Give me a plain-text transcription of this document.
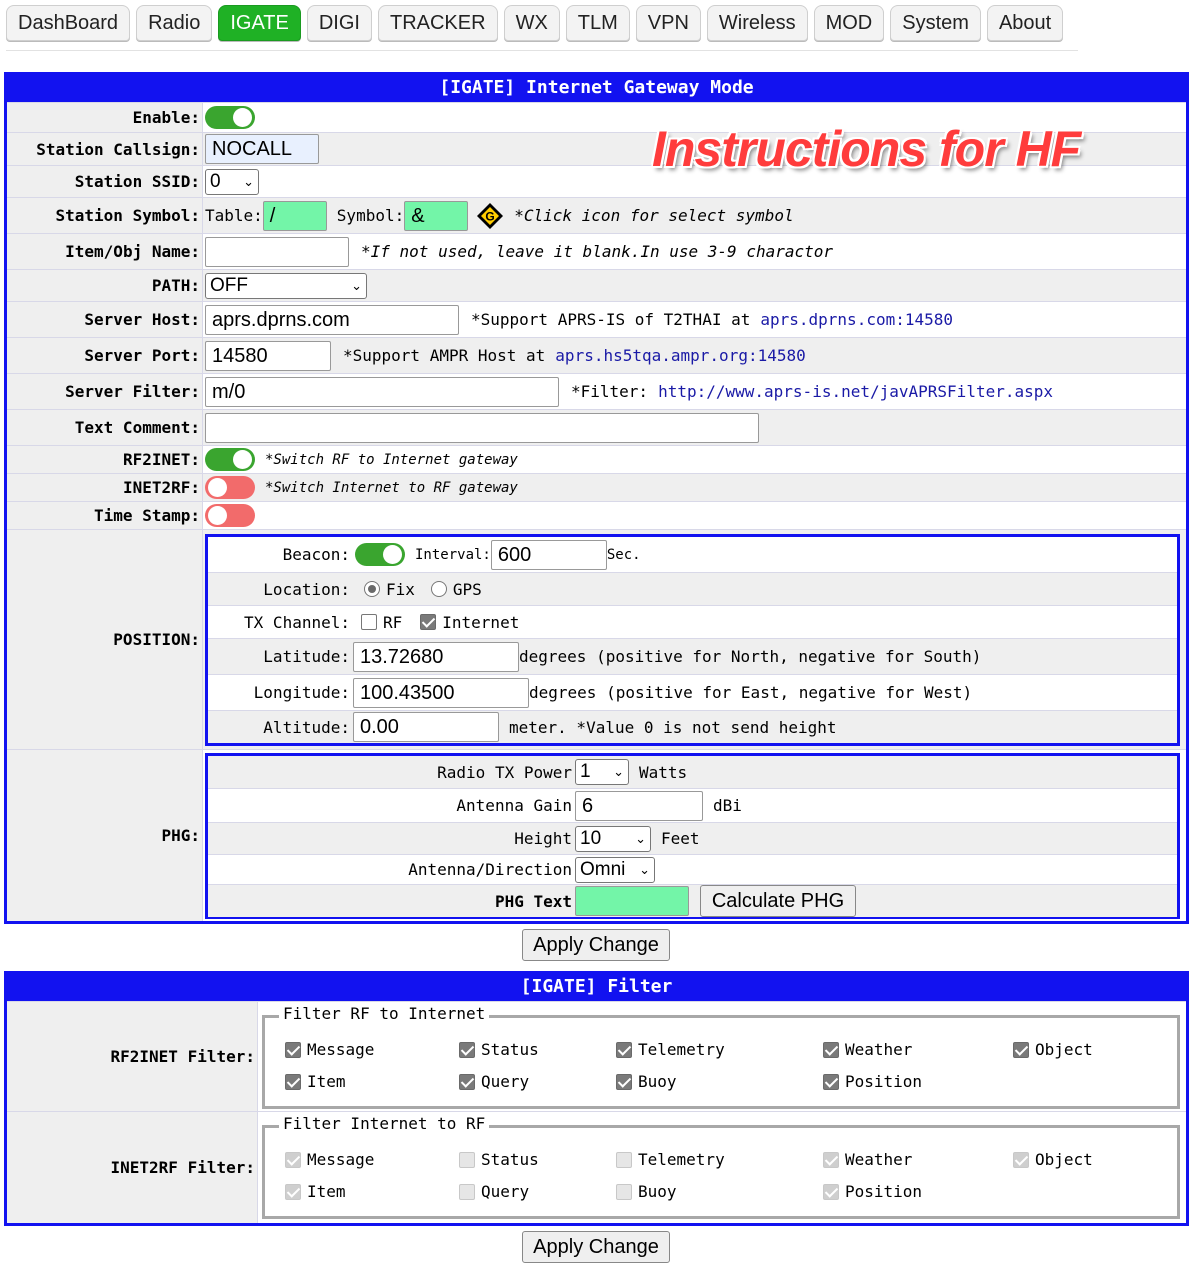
DashBoard	Radio	IGATE	DIGI	TRACKER	WX	TLM	VPN	Wireless	MOD	System	About
[IGATE] Internet Gateway Mode
Enable:
Station Callsign: NOCALL
Station SSID: 0 ⌄
Station Symbol: Table: /	Symbol: &	G *Click icon for select symbol
Item/Obj Name:	*If not used, leave it blank.In use 3-9 charactor
PATH: OFF	⌄
Server Host: aprs.dprns.com	*Support APRS-IS of T2THAI at aprs.dprns.com:14580
Server Port: 14580	*Support AMPR Host at aprs.hs5tqa.ampr.org:14580
Server Filter: m/0	*Filter: http://www.aprs-is.net/javAPRSFilter.aspx
Text Comment:
RF2INET:	*Switch RF to Internet gateway
INET2RF:	*Switch Internet to RF gateway
Time Stamp:
POSITION:
Beacon:	Interval: 600	Sec.
Location: Fix GPS
TX Channel: RF	Internet
Latitude: 13.72680	degrees (positive for North, negative for South)
Longitude: 100.43500	degrees (positive for East, negative for West)
Altitude: 0.00	meter. *Value 0 is not send height
PHG:
Radio TX Power 1 ⌄ Watts
Antenna Gain 6	dBi
Height 10	⌄ Feet
Antenna/Direction Omni ⌄
PHG Text	Calculate PHG
Instructions for HF
Apply Change
[IGATE] Filter
RF2INET Filter:
Filter RF to Internet
Message	Status	Telemetry	Weather	Object
Item	Query	Buoy	Position
INET2RF Filter:
Filter Internet to RF
Message	Status	Telemetry	Weather	Object
Item	Query	Buoy	Position
Apply Change
